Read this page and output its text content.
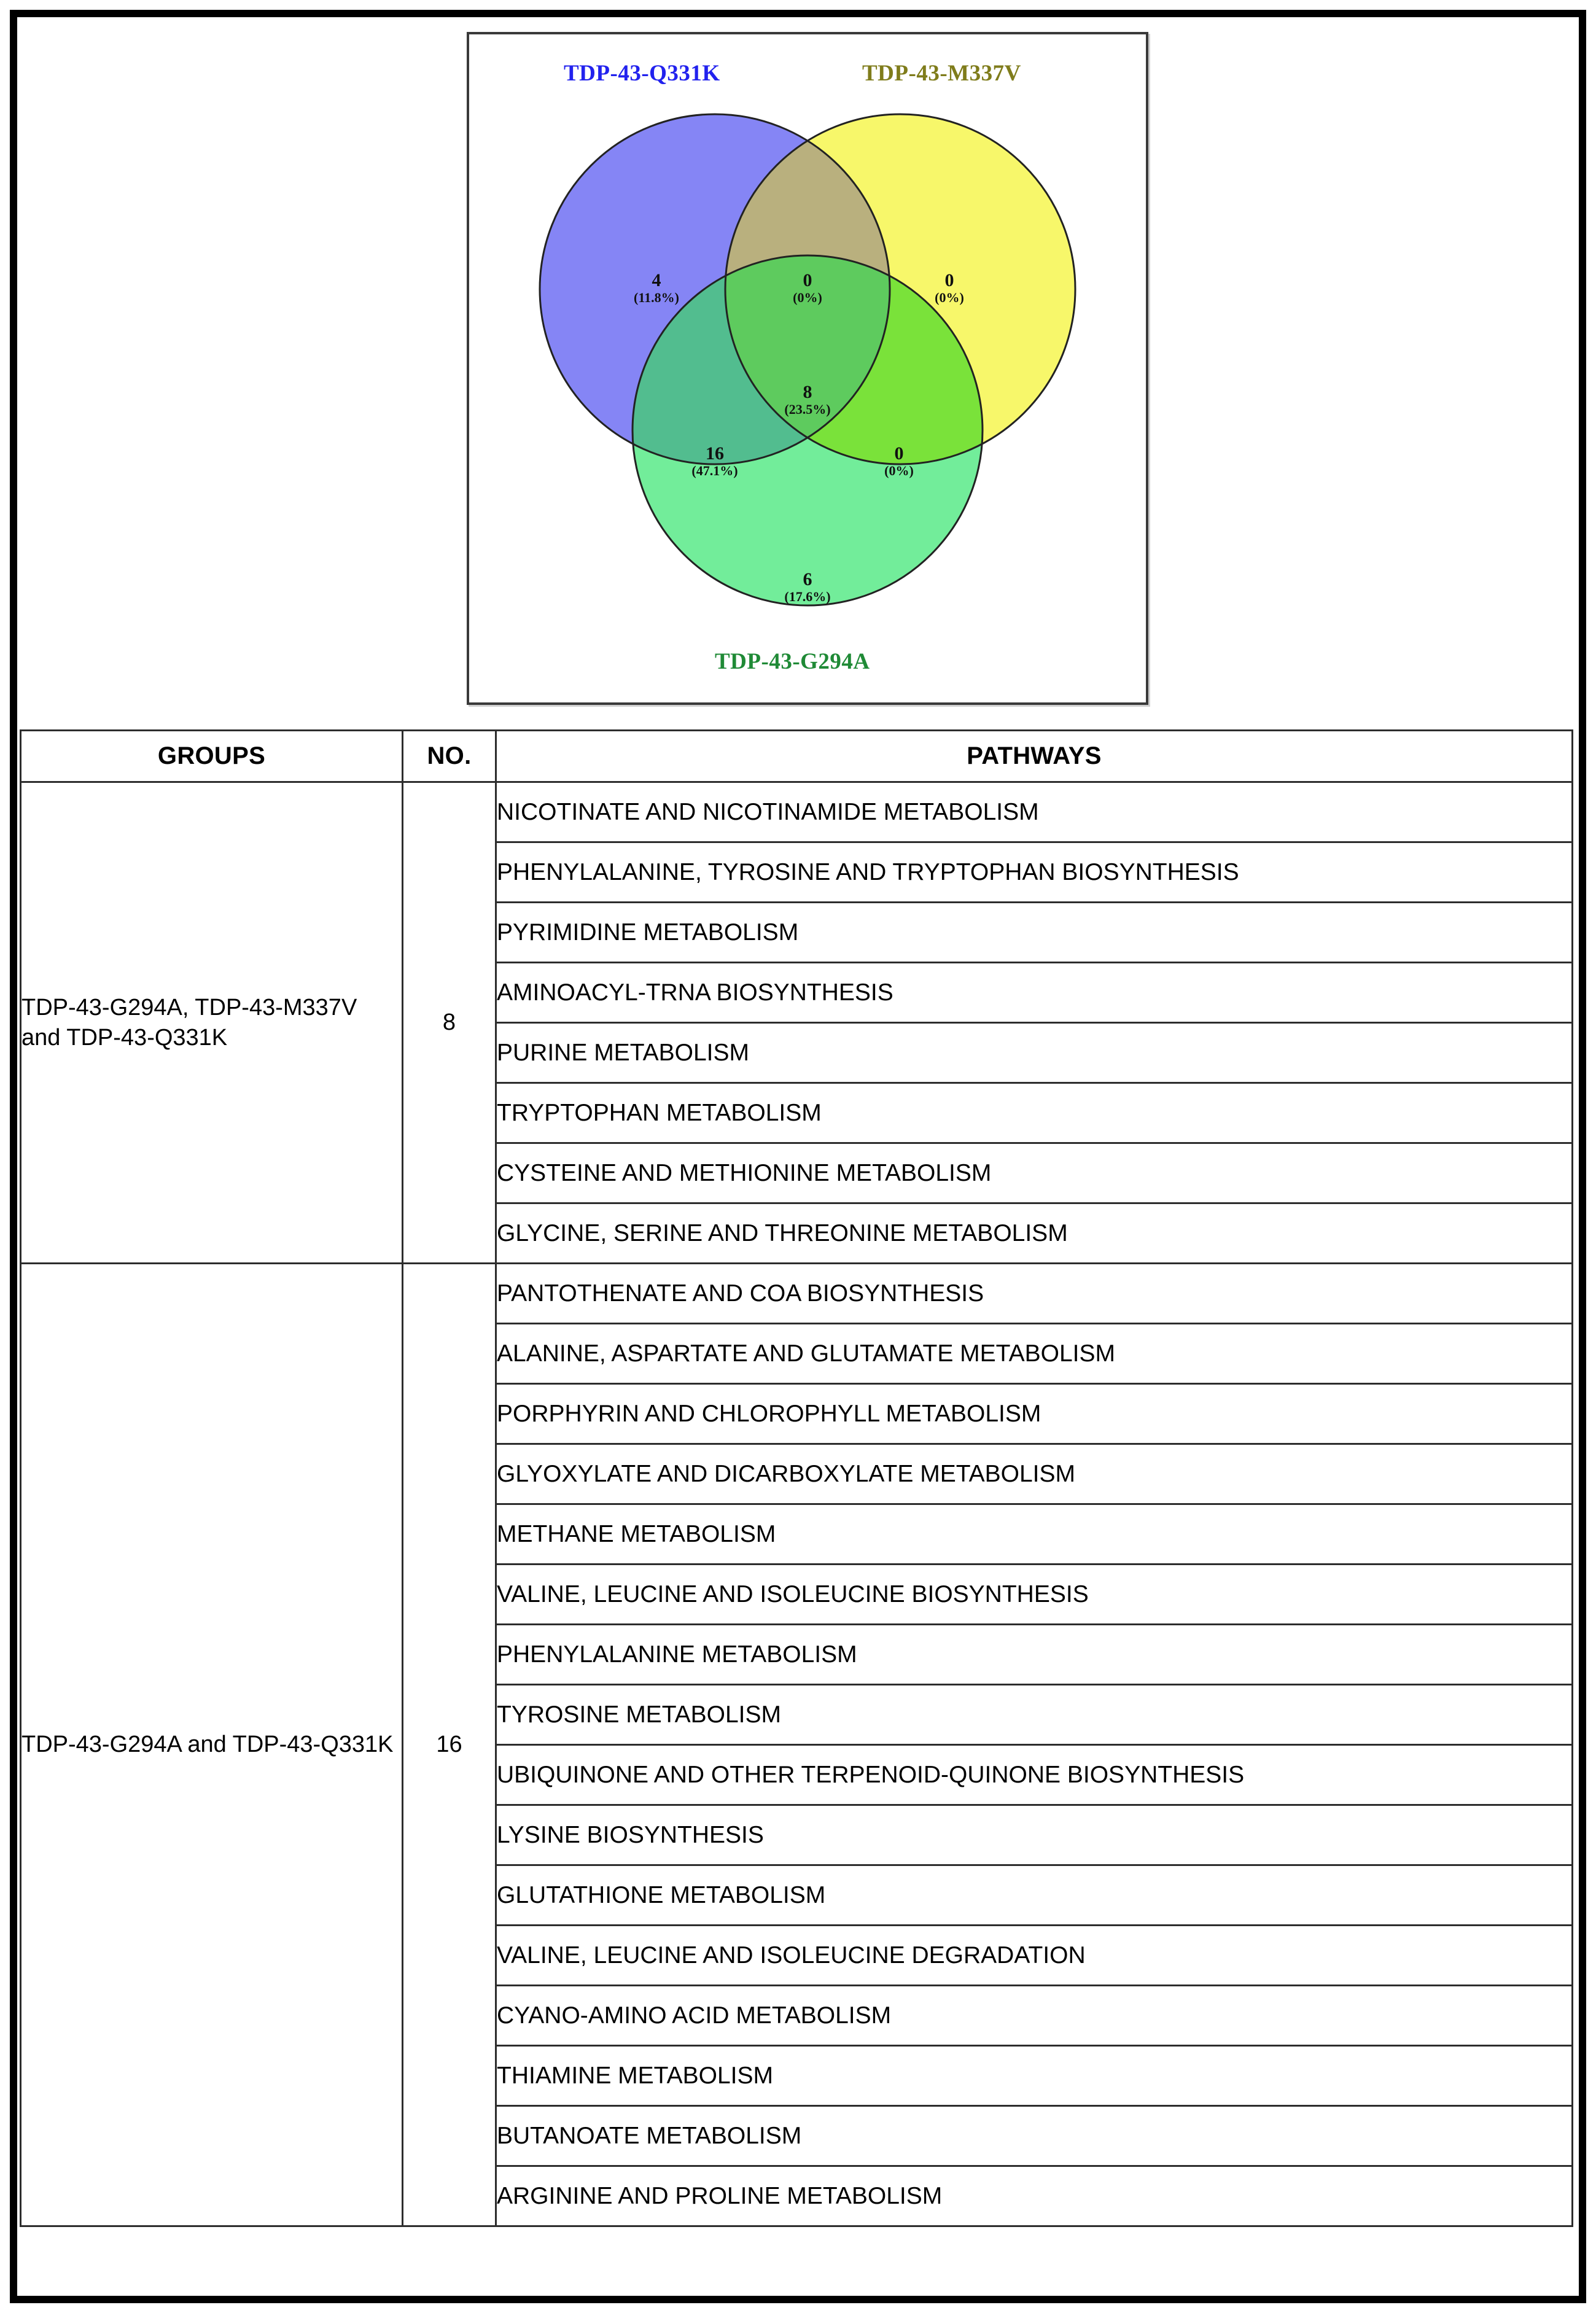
TDP-43-Q331K	TDP-43-M337V
TDP-43-G294A
4
(11.8%)
0
(0%)
0
(0%)
8
(23.5%)
16
(47.1%)
0
(0%)
6
(17.6%)
GROUPS	NO.	PATHWAYS
TDP-43-G294A, TDP-43-M337V and TDP-43-Q331K	8	NICOTINATE AND NICOTINAMIDE METABOLISM
		PHENYLALANINE, TYROSINE AND TRYPTOPHAN BIOSYNTHESIS
		PYRIMIDINE METABOLISM
		AMINOACYL-TRNA BIOSYNTHESIS
		PURINE METABOLISM
		TRYPTOPHAN METABOLISM
		CYSTEINE AND METHIONINE METABOLISM
		GLYCINE, SERINE AND THREONINE METABOLISM
TDP-43-G294A and TDP-43-Q331K	16	PANTOTHENATE AND COA BIOSYNTHESIS
		ALANINE, ASPARTATE AND GLUTAMATE METABOLISM
		PORPHYRIN AND CHLOROPHYLL METABOLISM
		GLYOXYLATE AND DICARBOXYLATE METABOLISM
		METHANE METABOLISM
		VALINE, LEUCINE AND ISOLEUCINE BIOSYNTHESIS
		PHENYLALANINE METABOLISM
		TYROSINE METABOLISM
		UBIQUINONE AND OTHER TERPENOID-QUINONE BIOSYNTHESIS
		LYSINE BIOSYNTHESIS
		GLUTATHIONE METABOLISM
		VALINE, LEUCINE AND ISOLEUCINE DEGRADATION
		CYANO-AMINO ACID METABOLISM
		THIAMINE METABOLISM
		BUTANOATE METABOLISM
		ARGININE AND PROLINE METABOLISM
